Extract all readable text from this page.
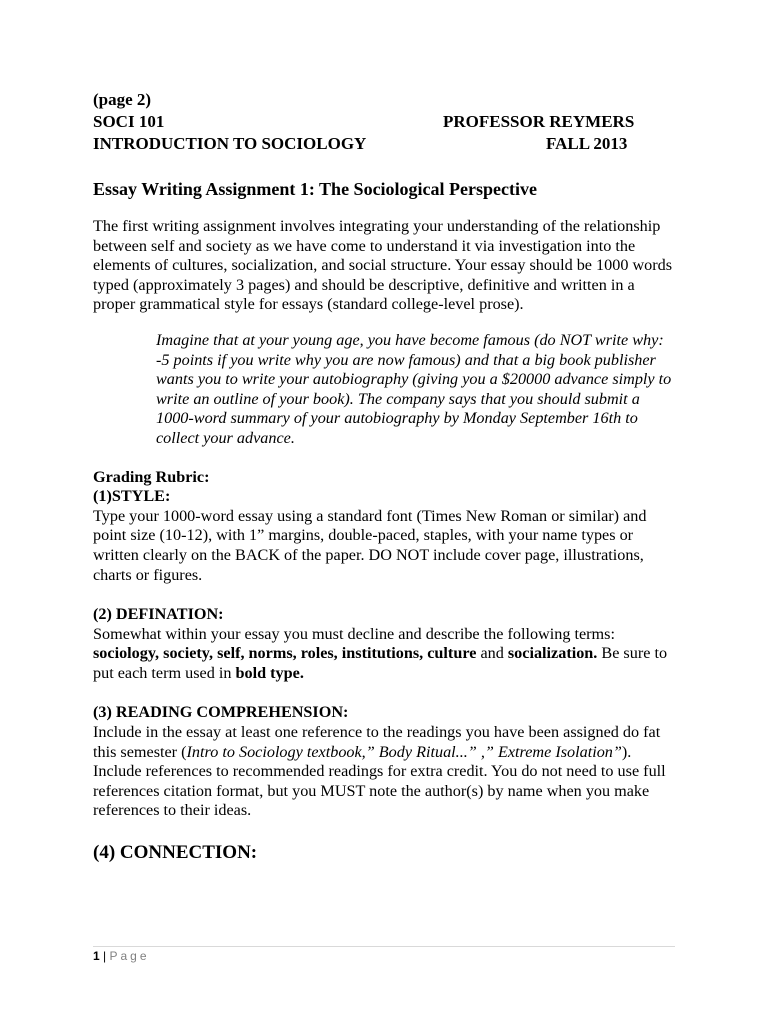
(page 2)
SOCI 101	PROFESSOR REYMERS
INTRODUCTION TO SOCIOLOGY	FALL 2013
Essay Writing Assignment 1: The Sociological Perspective

The first writing assignment involves integrating your understanding of the relationship between self and society as we have come to understand it via investigation into the elements of cultures, socialization, and social structure. Your essay should be 1000 words typed (approximately 3 pages) and should be descriptive, definitive and written in a proper grammatical style for essays (standard college-level prose).

Imagine that at your young age, you have become famous (do NOT write why: -5 points if you write why you are now famous) and that a big book publisher wants you to write your autobiography (giving you a $20000 advance simply to write an outline of your book). The company says that you should submit a 1000-word summary of your autobiography by Monday September 16th to collect your advance.

Grading Rubric:
(1)STYLE:

Type your 1000-word essay using a standard font (Times New Roman or similar) and point size (10-12), with 1” margins, double-paced, staples, with your name types or written clearly on the BACK of the paper. DO NOT include cover page, illustrations, charts or figures.

(2) DEFINATION:

Somewhat within your essay you must decline and describe the following terms: sociology, society, self, norms, roles, institutions, culture and socialization. Be sure to put each term used in bold type.

(3) READING COMPREHENSION:

Include in the essay at least one reference to the readings you have been assigned do fat this semester (Intro to Sociology textbook,” Body Ritual...” ,” Extreme Isolation”). Include references to recommended readings for extra credit. You do not need to use full references citation format, but you MUST note the author(s) by name when you make references to their ideas.

(4) CONNECTION:
1 | Page
